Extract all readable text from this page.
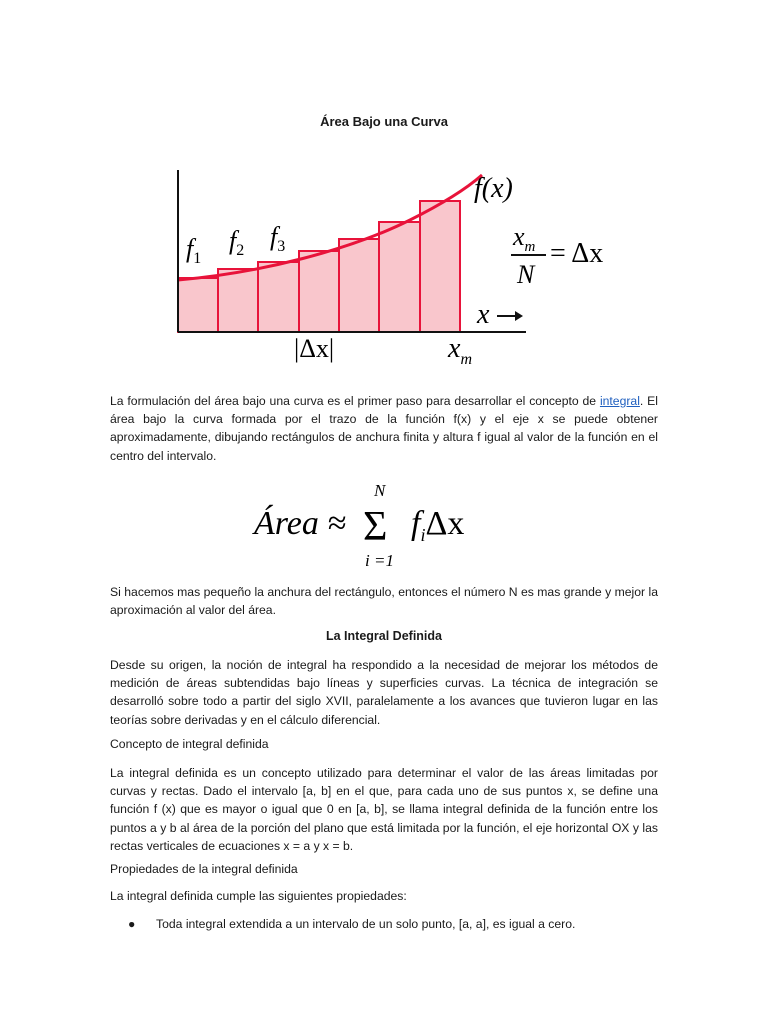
Área Bajo una Curva
$f_1$
$f_2$ $f_3$
f(x)
$x_m$
N
= Δx
x
|Δx|	$x_m$

La formulación del área bajo una curva es el primer paso para desarrollar el concepto de integral. El área bajo la curva formada por el trazo de la función f(x) y el eje x se puede obtener aproximadamente, dibujando rectángulos de anchura finita y altura f igual al valor de la función en el centro del intervalo.

Área ≈
N
Σ
i =1
$f_i\Delta x$

Si hacemos mas pequeño la anchura del rectángulo, entonces el número N es mas grande y mejor la aproximación al valor del área.

La Integral Definida

Desde su origen, la noción de integral ha respondido a la necesidad de mejorar los métodos de medición de áreas subtendidas bajo líneas y superficies curvas. La técnica de integración se desarrolló sobre todo a partir del siglo XVII, paralelamente a los avances que tuvieron lugar en las teorías sobre derivadas y en el cálculo diferencial.

Concepto de integral definida

La integral definida es un concepto utilizado para determinar el valor de las áreas limitadas por curvas y rectas. Dado el intervalo [a, b] en el que, para cada uno de sus puntos x, se define una función f (x) que es mayor o igual que 0 en [a, b], se llama integral definida de la función entre los puntos a y b al área de la porción del plano que está limitada por la función, el eje horizontal OX y las rectas verticales de ecuaciones x = a y x = b.

Propiedades de la integral definida

La integral definida cumple las siguientes propiedades:

● Toda integral extendida a un intervalo de un solo punto, [a, a], es igual a cero.
